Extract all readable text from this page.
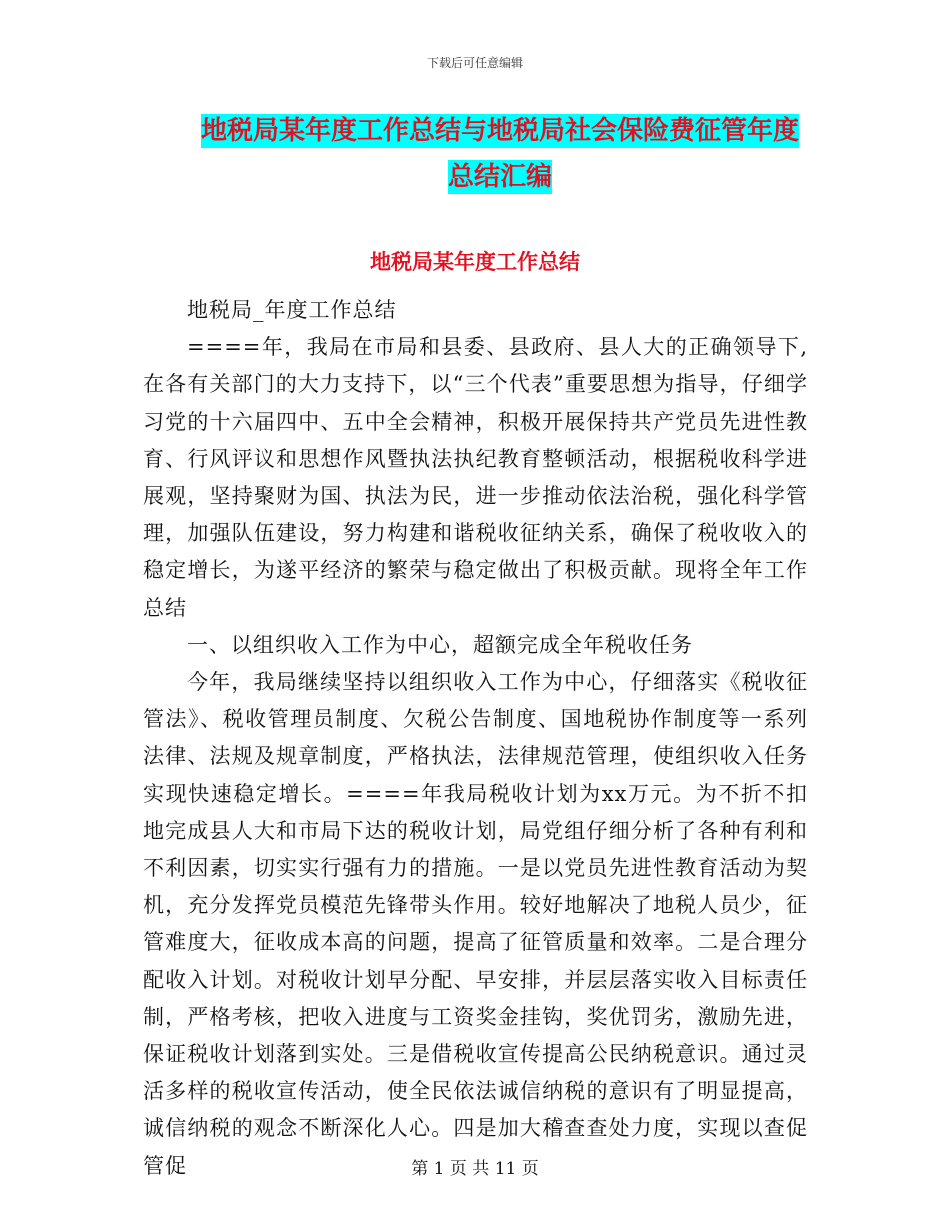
下载后可任意编辑
地税局某年度工作总结与地税局社会保险费征管年度
总结汇编
地税局某年度工作总结

地税局_年度工作总结

====年，我局在市局和县委、县政府、县人大的正确领导下,在各有关部门的大力支持下，以“三个代表”重要思想为指导，仔细学习党的十六届四中、五中全会精神，积极开展保持共产党员先进性教育、行风评议和思想作风暨执法执纪教育整顿活动，根据税收科学进展观，坚持聚财为国、执法为民，进一步推动依法治税，强化科学管理，加强队伍建设，努力构建和谐税收征纳关系，确保了税收收入的稳定增长，为遂平经济的繁荣与稳定做出了积极贡献。现将全年工作总结

一、以组织收入工作为中心，超额完成全年税收任务

今年，我局继续坚持以组织收入工作为中心，仔细落实《税收征管法》、税收管理员制度、欠税公告制度、国地税协作制度等一系列法律、法规及规章制度，严格执法，法律规范管理，使组织收入任务实现快速稳定增长。====年我局税收计划为xx万元。为不折不扣地完成县人大和市局下达的税收计划，局党组仔细分析了各种有利和不利因素，切实实行强有力的措施。一是以党员先进性教育活动为契机，充分发挥党员模范先锋带头作用。较好地解决了地税人员少，征管难度大，征收成本高的问题，提高了征管质量和效率。二是合理分配收入计划。对税收计划早分配、早安排，并层层落实收入目标责任制，严格考核，把收入进度与工资奖金挂钩，奖优罚劣，激励先进，保证税收计划落到实处。三是借税收宣传提高公民纳税意识。通过灵活多样的税收宣传活动，使全民依法诚信纳税的意识有了明显提高，诚信纳税的观念不断深化人心。四是加大稽查查处力度，实现以查促管促	第 1 页 共 11 页
